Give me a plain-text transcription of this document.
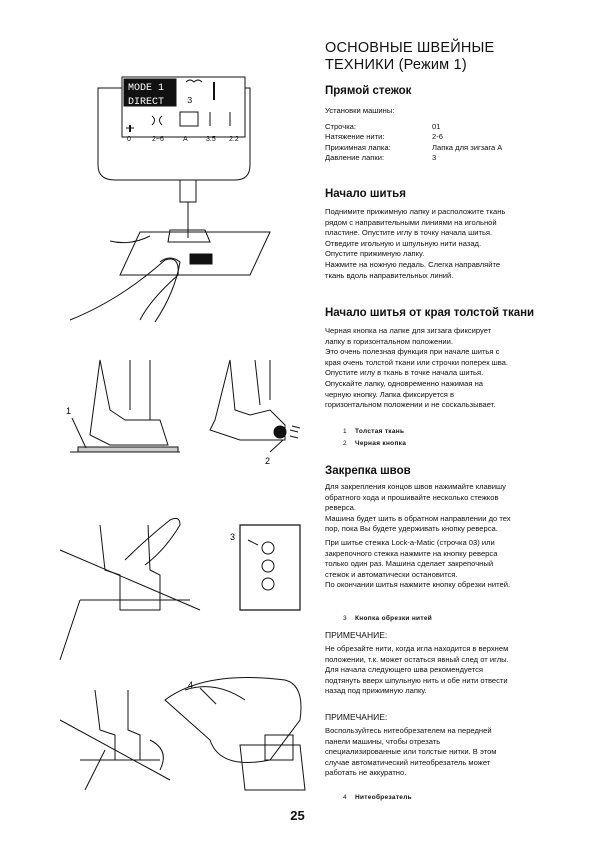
MODE 1
DIRECT	3
0	2~6	A	3.5 2.2
1
2
3
4
ОСНОВНЫЕ ШВЕЙНЫЕ
ТЕХНИКИ (Режим 1)
Прямой стежок

Установки машины:

Строчка:	01
Натяжение нити:	2-6
Прижимная лапка:	Лапка для зигзага A
Давление лапки:	3
Начало шитья

Поднимите прижимную лапку и расположите ткань

рядом с направительными линиями на игольной

пластине. Опустите иглу в точку начала шитья.

Отведите игольную и шпульную нити назад.

Опустите прижимную лапку.

Нажмите на ножную педаль. Слегка направляйте

ткань вдоль направительных линий.

Начало шитья от края толстой ткани

Черная кнопка на лапке для зигзага фиксирует

лапку в горизонтальном положении.

Это очень полезная функция при начале шитья с

края очень толстой ткани или строчки поперек шва.

Опустите иглу в ткань в точке начала шитья.

Опускайте лапку, одновременно нажимая на

черную кнопку. Лапка фиксируется в

горизонтальном положении и не соскальзывает.

1 Толстая ткань
2 Черная кнопка
Закрепка швов

Для закрепления концов швов нажимайте клавишу

обратного хода и прошивайте несколько стежков

реверса.

Машина будет шить в обратном направлении до тех

пор, пока Вы будете удерживать кнопку реверса.

При шитье стежка Lock-a-Matic (строчка 03) или

закрепочного стежка нажмите на кнопку реверса

только один раз. Машина сделает закрепочный

стежок и автоматически остановится.

По окончании шитья нажмите кнопку обрезки нитей.

3 Кнопка обрезки нитей

ПРИМЕЧАНИЕ:

Не обрезайте нити, когда игла находится в верхнем

положении, т.к. может остаться явный след от иглы.

Для начала следующего шва рекомендуется

подтянуть вверх шпульную нить и обе нити отвести

назад под прижимную лапку.

ПРИМЕЧАНИЕ:

Воспользуйтесь нитеобрезателем на передней

панели машины, чтобы отрезать

специализированные или толстые нитки. В этом

случае автоматический нитеобрезатель может

работать не аккуратно.

4 Нитеобрезатель
25
